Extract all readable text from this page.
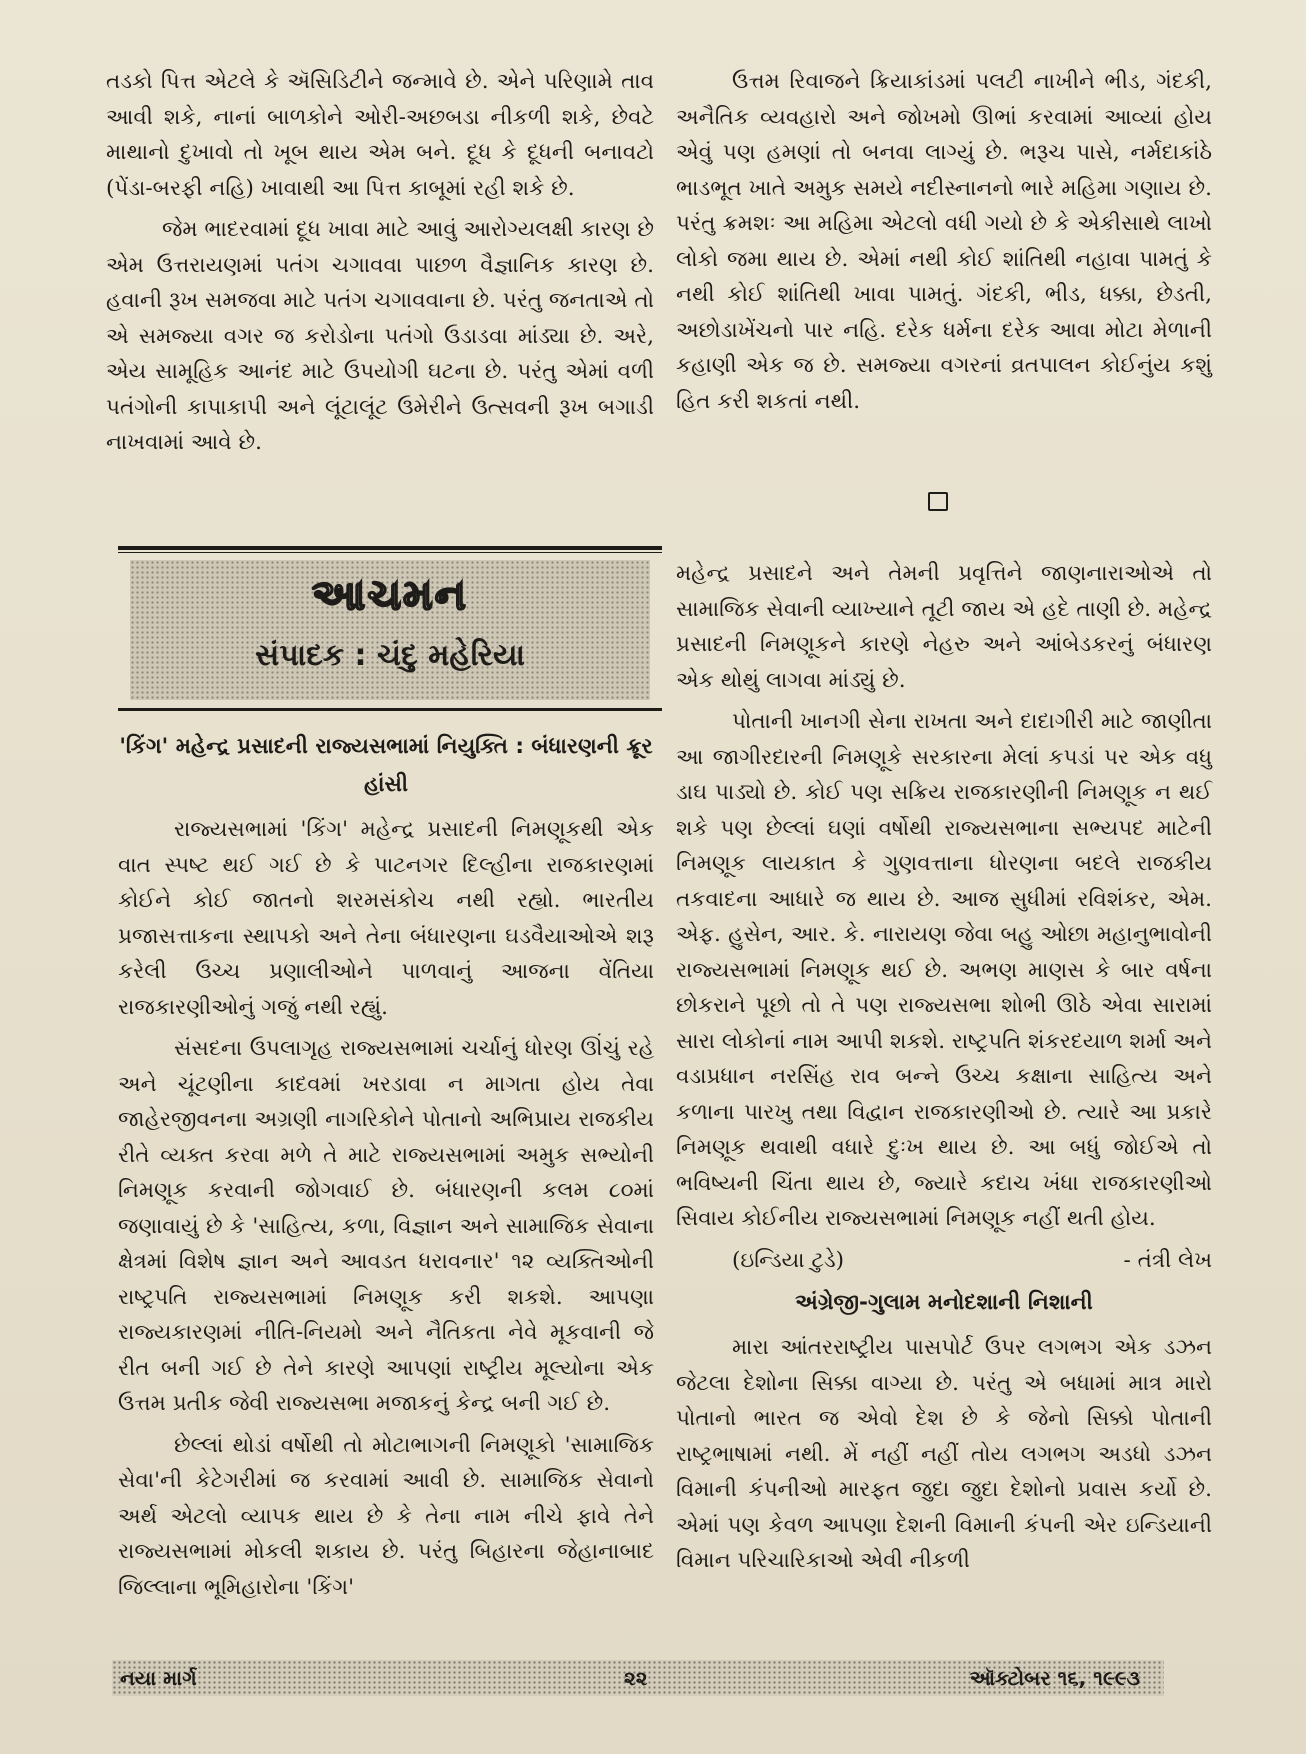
તડકો પિત્ત એટલે કે ઍસિડિટીને જન્માવે છે. એને પરિણામે તાવ આવી શકે, નાનાં બાળકોને ઓરી-અછબડા નીકળી શકે, છેવટે માથાનો દુખાવો તો ખૂબ થાય એમ બને. દૂધ કે દૂધની બનાવટો (પેંડા-બરફી નહિ) ખાવાથી આ પિત્ત કાબૂમાં રહી શકે છે.

જેમ ભાદરવામાં દૂધ ખાવા માટે આવું આરોગ્યલક્ષી કારણ છે એમ ઉત્તરાયણમાં પતંગ ચગાવવા પાછળ વૈજ્ઞાનિક કારણ છે. હવાની રૂખ સમજવા માટે પતંગ ચગાવવાના છે. પરંતુ જનતાએ તો એ સમજ્યા વગર જ કરોડોના પતંગો ઉડાડવા માંડ્યા છે. અરે, એય સામૂહિક આનંદ માટે ઉપયોગી ઘટના છે. પરંતુ એમાં વળી પતંગોની કાપાકાપી અને લૂંટાલૂંટ ઉમેરીને ઉત્સવની રૂખ બગાડી નાખવામાં આવે છે.

ઉત્તમ રિવાજને ક્રિયાકાંડમાં પલટી નાખીને ભીડ, ગંદકી, અનૈતિક વ્યવહારો અને જોખમો ઊભાં કરવામાં આવ્યાં હોય એવું પણ હમણાં તો બનવા લાગ્યું છે. ભરૂચ પાસે, નર્મદાકાંઠે ભાડભૂત ખાતે અમુક સમયે નદીસ્નાનનો ભારે મહિમા ગણાય છે. પરંતુ ક્રમશઃ આ મહિમા એટલો વધી ગયો છે કે એકીસાથે લાખો લોકો જમા થાય છે. એમાં નથી કોઈ શાંતિથી નહાવા પામતું કે નથી કોઈ શાંતિથી ખાવા પામતું. ગંદકી, ભીડ, ધક્કા, છેડતી, અછોડાખેંચનો પાર નહિ. દરેક ધર્મના દરેક આવા મોટા મેળાની કહાણી એક જ છે. સમજ્યા વગરનાં વ્રતપાલન કોઈનુંય કશું હિત કરી શકતાં નથી.

આચમન
સંપાદક : ચંદુ મહેરિયા
'કિંગ' મહેન્દ્ર પ્રસાદની રાજ્યસભામાં નિયુક્તિ : બંધારણની ક્રૂર હાંસી

રાજ્યસભામાં 'કિંગ' મહેન્દ્ર પ્રસાદની નિમણૂકથી એક વાત સ્પષ્ટ થઈ ગઈ છે કે પાટનગર દિલ્હીના રાજકારણમાં કોઈને કોઈ જાતનો શરમસંકોચ નથી રહ્યો. ભારતીય પ્રજાસત્તાકના સ્થાપકો અને તેના બંધારણના ઘડવૈયાઓએ શરૂ કરેલી ઉચ્ચ પ્રણાલીઓને પાળવાનું આજના વેંતિયા રાજકારણીઓનું ગજું નથી રહ્યું.

સંસદના ઉપલાગૃહ રાજ્યસભામાં ચર્ચાનું ધોરણ ઊંચું રહે અને ચૂંટણીના કાદવમાં ખરડાવા ન માગતા હોય તેવા જાહેરજીવનના અગ્રણી નાગરિકોને પોતાનો અભિપ્રાય રાજકીય રીતે વ્યક્ત કરવા મળે તે માટે રાજ્યસભામાં અમુક સભ્યોની નિમણૂક કરવાની જોગવાઈ છે. બંધારણની કલમ ૮૦માં જણાવાયું છે કે 'સાહિત્ય, કળા, વિજ્ઞાન અને સામાજિક સેવાના ક્ષેત્રમાં વિશેષ જ્ઞાન અને આવડત ધરાવનાર' ૧૨ વ્યક્તિઓની રાષ્ટ્રપતિ રાજ્યસભામાં નિમણૂક કરી શકશે. આપણા રાજ્યકારણમાં નીતિ-નિયમો અને નૈતિકતા નેવે મૂકવાની જે રીત બની ગઈ છે તેને કારણે આપણાં રાષ્ટ્રીય મૂલ્યોના એક ઉત્તમ પ્રતીક જેવી રાજ્યસભા મજાકનું કેન્દ્ર બની ગઈ છે.

છેલ્લાં થોડાં વર્ષોથી તો મોટાભાગની નિમણૂકો 'સામાજિક સેવા'ની કેટેગરીમાં જ કરવામાં આવી છે. સામાજિક સેવાનો અર્થ એટલો વ્યાપક થાય છે કે તેના નામ નીચે ફાવે તેને રાજ્યસભામાં મોકલી શકાય છે. પરંતુ બિહારના જેહાનાબાદ જિલ્લાના ભૂમિહારોના 'કિંગ'

મહેન્દ્ર પ્રસાદને અને તેમની પ્રવૃત્તિને જાણનારાઓએ તો સામાજિક સેવાની વ્યાખ્યાને તૂટી જાય એ હદે તાણી છે. મહેન્દ્ર પ્રસાદની નિમણૂકને કારણે નેહરુ અને આંબેડકરનું બંધારણ એક થોથું લાગવા માંડ્યું છે.

પોતાની ખાનગી સેના રાખતા અને દાદાગીરી માટે જાણીતા આ જાગીરદારની નિમણૂકે સરકારના મેલાં કપડાં પર એક વધુ ડાઘ પાડ્યો છે. કોઈ પણ સક્રિય રાજકારણીની નિમણૂક ન થઈ શકે પણ છેલ્લાં ઘણાં વર્ષોથી રાજ્યસભાના સભ્યપદ માટેની નિમણૂક લાયકાત કે ગુણવત્તાના ધોરણના બદલે રાજકીય તકવાદના આધારે જ થાય છે. આજ સુધીમાં રવિશંકર, એમ. એફ. હુસેન, આર. કે. નારાયણ જેવા બહુ ઓછા મહાનુભાવોની રાજ્યસભામાં નિમણૂક થઈ છે. અભણ માણસ કે બાર વર્ષના છોકરાને પૂછો તો તે પણ રાજ્યસભા શોભી ઊઠે એવા સારામાં સારા લોકોનાં નામ આપી શકશે. રાષ્ટ્રપતિ શંકરદયાળ શર્મા અને વડાપ્રધાન નરસિંહ રાવ બન્ને ઉચ્ચ કક્ષાના સાહિત્ય અને કળાના પારખુ તથા વિદ્વાન રાજકારણીઓ છે. ત્યારે આ પ્રકારે નિમણૂક થવાથી વધારે દુઃખ થાય છે. આ બધું જોઈએ તો ભવિષ્યની ચિંતા થાય છે, જ્યારે કદાચ ખંધા રાજકારણીઓ સિવાય કોઈનીય રાજ્યસભામાં નિમણૂક નહીં થતી હોય.

(ઇન્ડિયા ટુડે)	- તંત્રી લેખ

અંગ્રેજી-ગુલામ મનોદશાની નિશાની

મારા આંતરરાષ્ટ્રીય પાસપોર્ટ ઉપર લગભગ એક ડઝન જેટલા દેશોના સિક્કા વાગ્યા છે. પરંતુ એ બધામાં માત્ર મારો પોતાનો ભારત જ એવો દેશ છે કે જેનો સિક્કો પોતાની રાષ્ટ્રભાષામાં નથી. મેં નહીં નહીં તોય લગભગ અડધો ડઝન વિમાની કંપનીઓ મારફત જુદા જુદા દેશોનો પ્રવાસ કર્યો છે. એમાં પણ કેવળ આપણા દેશની વિમાની કંપની એર ઇન્ડિયાની વિમાન પરિચારિકાઓ એવી નીકળી

નયા માર્ગ	૨૨	ઑક્ટોબર ૧૬, ૧૯૯૩
